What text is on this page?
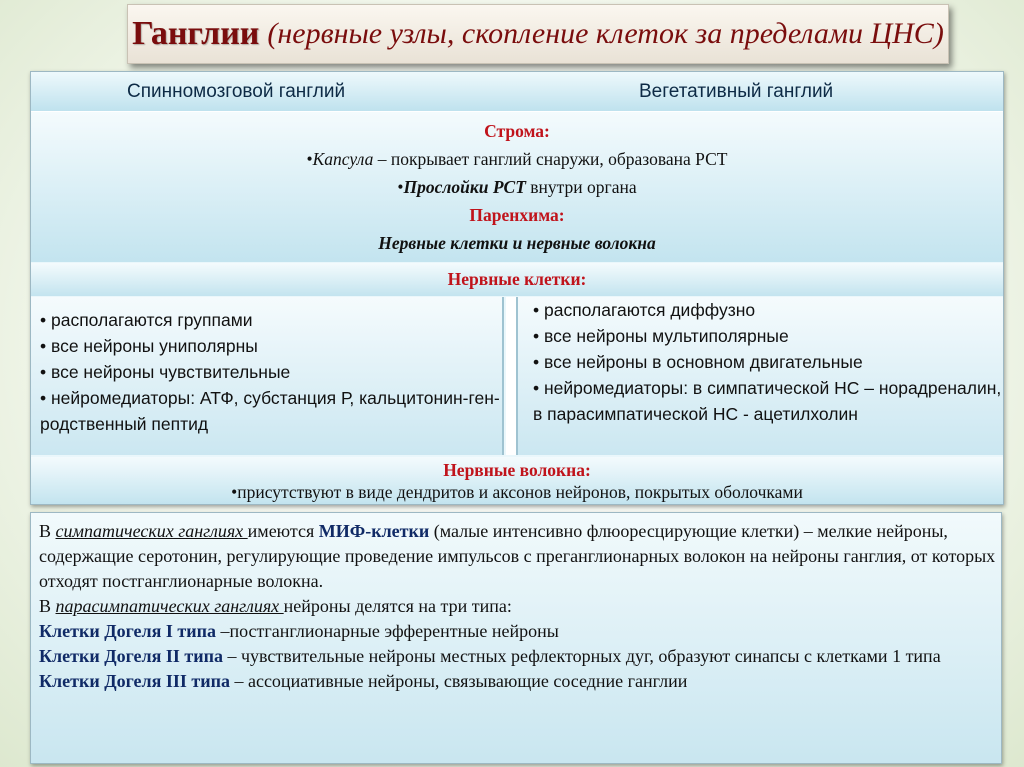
Ганглии (нервные узлы, скопление клеток за пределами ЦНС)
Спинномозговой ганглий	Вегетативный ганглий
Строма:
•Капсула – покрывает ганглий снаружи, образована РСТ
•Прослойки РСТ внутри органа
Паренхима:
Нервные клетки и нервные волокна
Нервные клетки:

• располагаются группами

• все нейроны униполярны

• все нейроны чувствительные

• нейромедиаторы: АТФ, субстанция Р, кальцитонин-ген-родственный пептид

• располагаются диффузно

• все нейроны мультиполярные

• все нейроны в основном двигательные

• нейромедиаторы: в симпатической НС – норадреналин, в парасимпатической НС - ацетилхолин

Нервные волокна:
•присутствуют в виде дендритов и аксонов нейронов, покрытых оболочками

В симпатических ганглиях имеются МИФ-клетки (малые интенсивно флюоресцирующие клетки) – мелкие нейроны, содержащие серотонин, регулирующие проведение импульсов с преганглионарных волокон на нейроны ганглия, от которых отходят постганглионарные волокна.

В парасимпатических ганглиях нейроны делятся на три типа:

Клетки Догеля I типа –постганглионарные эфферентные нейроны

Клетки Догеля II типа – чувствительные нейроны местных рефлекторных дуг, образуют синапсы с клетками 1 типа

Клетки Догеля III типа – ассоциативные нейроны, связывающие соседние ганглии
